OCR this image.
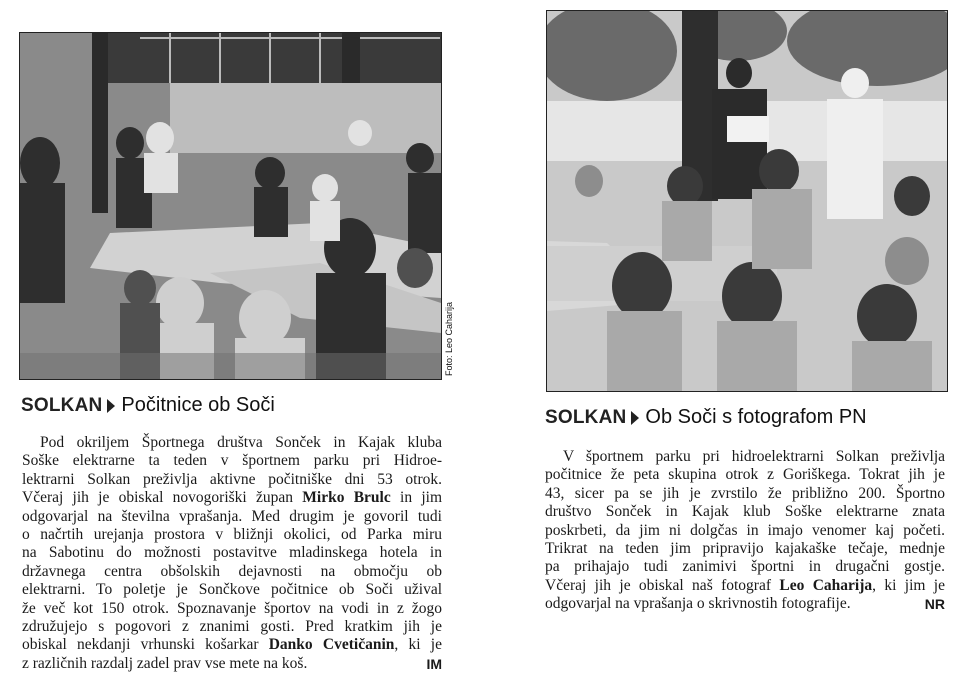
Foto: Leo Caharija
SOLKAN Počitnice ob Soči
Pod okriljem Športnega društva Sonček in Kajak kluba
Soške elektrarne ta teden v športnem parku pri Hidroe-
lektrarni Solkan preživlja aktivne počitniške dni 53 otrok.
Včeraj jih je obiskal novogoriški župan Mirko Brulc in jim
odgovarjal na številna vprašanja. Med drugim je govoril tudi
o načrtih urejanja prostora v bližnji okolici, od Parka miru
na Sabotinu do možnosti postavitve mladinskega hotela in
državnega centra obšolskih dejavnosti na območju ob
elektrarni. To poletje je Sončkove počitnice ob Soči užival
že več kot 150 otrok. Spoznavanje športov na vodi in z žogo
združujejo s pogovori z znanimi gosti. Pred kratkim jih je
obiskal nekdanji vrhunski košarkar Danko Cvetičanin, ki je
z različnih razdalj zadel prav vse mete na koš.	IM
SOLKAN Ob Soči s fotografom PN
V športnem parku pri hidroelektrarni Solkan preživlja
počitnice že peta skupina otrok z Goriškega. Tokrat jih je
43, sicer pa se jih je zvrstilo že približno 200. Športno
društvo Sonček in Kajak klub Soške elektrarne znata
poskrbeti, da jim ni dolgčas in imajo venomer kaj početi.
Trikrat na teden jim pripravijo kajakaške tečaje, mednje
pa prihajajo tudi zanimivi športni in drugačni gostje.
Včeraj jih je obiskal naš fotograf Leo Caharija, ki jim je
odgovarjal na vprašanja o skrivnostih fotografije.	NR
